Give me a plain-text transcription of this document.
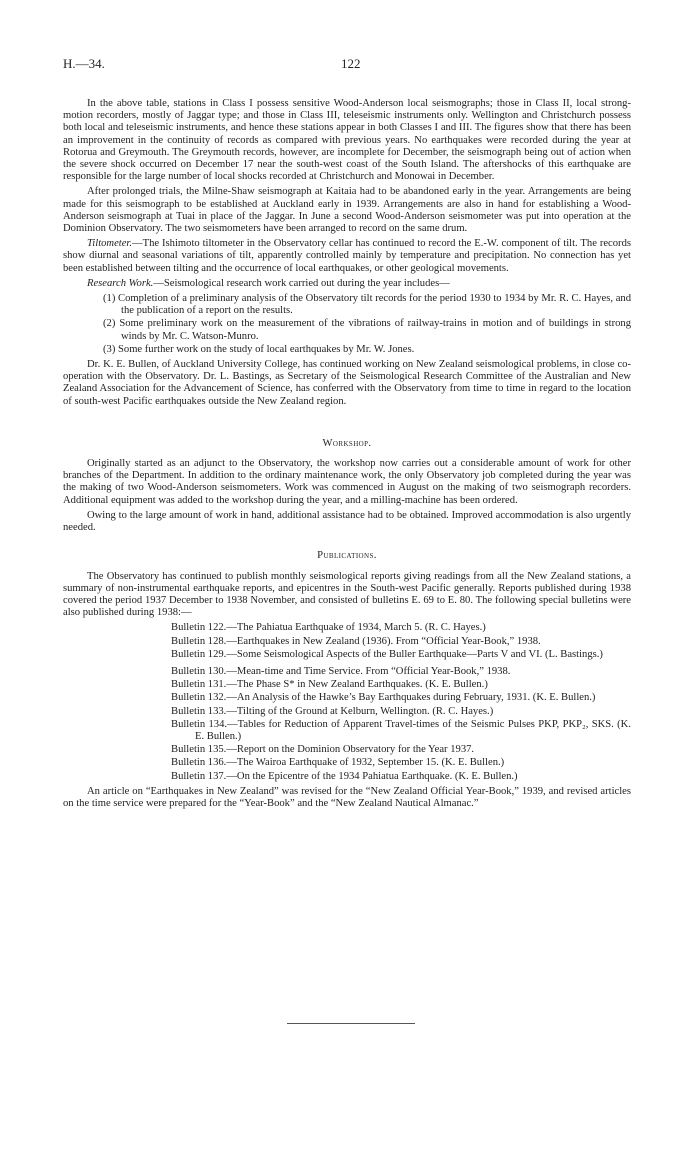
H.—34.	122

In the above table, stations in Class I possess sensitive Wood-Anderson local seismographs; those in Class II, local strong-motion recorders, mostly of Jaggar type; and those in Class III, teleseismic instruments only. Wellington and Christchurch possess both local and teleseismic instruments, and hence these stations appear in both Classes I and III. The figures show that there has been an improvement in the continuity of records as compared with previous years. No earthquakes were recorded during the year at Rotorua and Greymouth. The Greymouth records, however, are incomplete for December, the seismograph being out of action when the severe shock occurred on December 17 near the south-west coast of the South Island. The aftershocks of this earthquake are responsible for the large number of local shocks recorded at Christchurch and Monowai in December.

After prolonged trials, the Milne-Shaw seismograph at Kaitaia had to be abandoned early in the year. Arrangements are being made for this seismograph to be established at Auckland early in 1939. Arrangements are also in hand for establishing a Wood-Anderson seismograph at Tuai in place of the Jaggar. In June a second Wood-Anderson seismometer was put into operation at the Dominion Observatory. The two seismometers have been arranged to record on the same drum.

Tiltometer.—The Ishimoto tiltometer in the Observatory cellar has continued to record the E.-W. component of tilt. The records show diurnal and seasonal variations of tilt, apparently controlled mainly by temperature and precipitation. No connection has yet been established between tilting and the occurrence of local earthquakes, or other geological movements.

Research Work.—Seismological research work carried out during the year includes—

(1) Completion of a preliminary analysis of the Observatory tilt records for the period 1930 to 1934 by Mr. R. C. Hayes, and the publication of a report on the results.
(2) Some preliminary work on the measurement of the vibrations of railway-trains in motion and of buildings in strong winds by Mr. C. Watson-Munro.
(3) Some further work on the study of local earthquakes by Mr. W. Jones.

Dr. K. E. Bullen, of Auckland University College, has continued working on New Zealand seismological problems, in close co-operation with the Observatory. Dr. L. Bastings, as Secretary of the Seismological Research Committee of the Australian and New Zealand Association for the Advancement of Science, has conferred with the Observatory from time to time in regard to the location of south-west Pacific earthquakes outside the New Zealand region.

Workshop.

Originally started as an adjunct to the Observatory, the workshop now carries out a considerable amount of work for other branches of the Department. In addition to the ordinary maintenance work, the only Observatory job completed during the year was the making of two Wood-Anderson seismometers. Work was commenced in August on the making of two seismograph recorders. Additional equipment was added to the workshop during the year, and a milling-machine has been ordered.

Owing to the large amount of work in hand, additional assistance had to be obtained. Improved accommodation is also urgently needed.

Publications.

The Observatory has continued to publish monthly seismological reports giving readings from all the New Zealand stations, a summary of non-instrumental earthquake reports, and epicentres in the South-west Pacific generally. Reports published during 1938 covered the period 1937 December to 1938 November, and consisted of bulletins E. 69 to E. 80. The following special bulletins were also published during 1938:—

Bulletin 122.—The Pahiatua Earthquake of 1934, March 5. (R. C. Hayes.)
Bulletin 128.—Earthquakes in New Zealand (1936). From “Official Year-Book,” 1938.
Bulletin 129.—Some Seismological Aspects of the Buller Earthquake—Parts V and VI. (L. Bastings.)
Bulletin 130.—Mean-time and Time Service. From “Official Year-Book,” 1938.
Bulletin 131.—The Phase S* in New Zealand Earthquakes. (K. E. Bullen.)
Bulletin 132.—An Analysis of the Hawke’s Bay Earthquakes during February, 1931. (K. E. Bullen.)
Bulletin 133.—Tilting of the Ground at Kelburn, Wellington. (R. C. Hayes.)
Bulletin 134.—Tables for Reduction of Apparent Travel-times of the Seismic Pulses PKP, PKP₂, SKS. (K. E. Bullen.)
Bulletin 135.—Report on the Dominion Observatory for the Year 1937.
Bulletin 136.—The Wairoa Earthquake of 1932, September 15. (K. E. Bullen.)
Bulletin 137.—On the Epicentre of the 1934 Pahiatua Earthquake. (K. E. Bullen.)

An article on “Earthquakes in New Zealand” was revised for the “New Zealand Official Year-Book,” 1939, and revised articles on the time service were prepared for the “Year-Book” and the “New Zealand Nautical Almanac.”
